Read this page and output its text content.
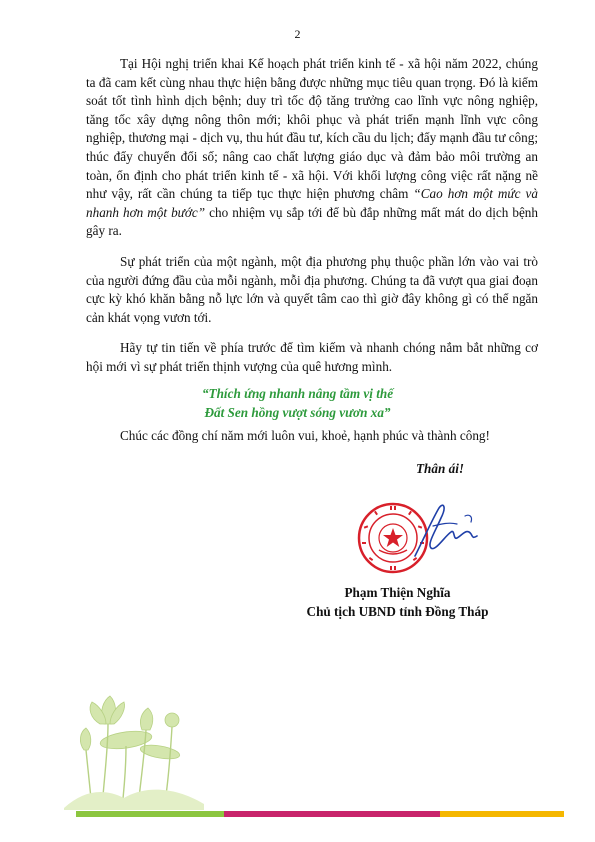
2

Tại Hội nghị triển khai Kế hoạch phát triển kinh tế - xã hội năm 2022, chúng ta đã cam kết cùng nhau thực hiện bằng được những mục tiêu quan trọng. Đó là kiểm soát tốt tình hình dịch bệnh; duy trì tốc độ tăng trưởng cao lĩnh vực nông nghiệp, tăng tốc xây dựng nông thôn mới; khôi phục và phát triển mạnh lĩnh vực công nghiệp, thương mại - dịch vụ, thu hút đầu tư, kích cầu du lịch; đẩy mạnh đầu tư công; thúc đẩy chuyển đổi số; nâng cao chất lượng giáo dục và đảm bảo môi trường an toàn, ổn định cho phát triển kinh tế - xã hội. Với khối lượng công việc rất nặng nề như vậy, rất cần chúng ta tiếp tục thực hiện phương châm “Cao hơn một mức và nhanh hơn một bước” cho nhiệm vụ sắp tới để bù đắp những mất mát do dịch bệnh gây ra.

Sự phát triển của một ngành, một địa phương phụ thuộc phần lớn vào vai trò của người đứng đầu của mỗi ngành, mỗi địa phương. Chúng ta đã vượt qua giai đoạn cực kỳ khó khăn bằng nỗ lực lớn và quyết tâm cao thì giờ đây không gì có thể ngăn cản khát vọng vươn tới.

Hãy tự tin tiến về phía trước để tìm kiếm và nhanh chóng nắm bắt những cơ hội mới vì sự phát triển thịnh vượng của quê hương mình.

“Thích ứng nhanh nâng tầm vị thế
Đất Sen hồng vượt sóng vươn xa”
Chúc các đồng chí năm mới luôn vui, khoẻ, hạnh phúc và thành công!
Thân ái!
Phạm Thiện Nghĩa
Chủ tịch UBND tỉnh Đồng Tháp
